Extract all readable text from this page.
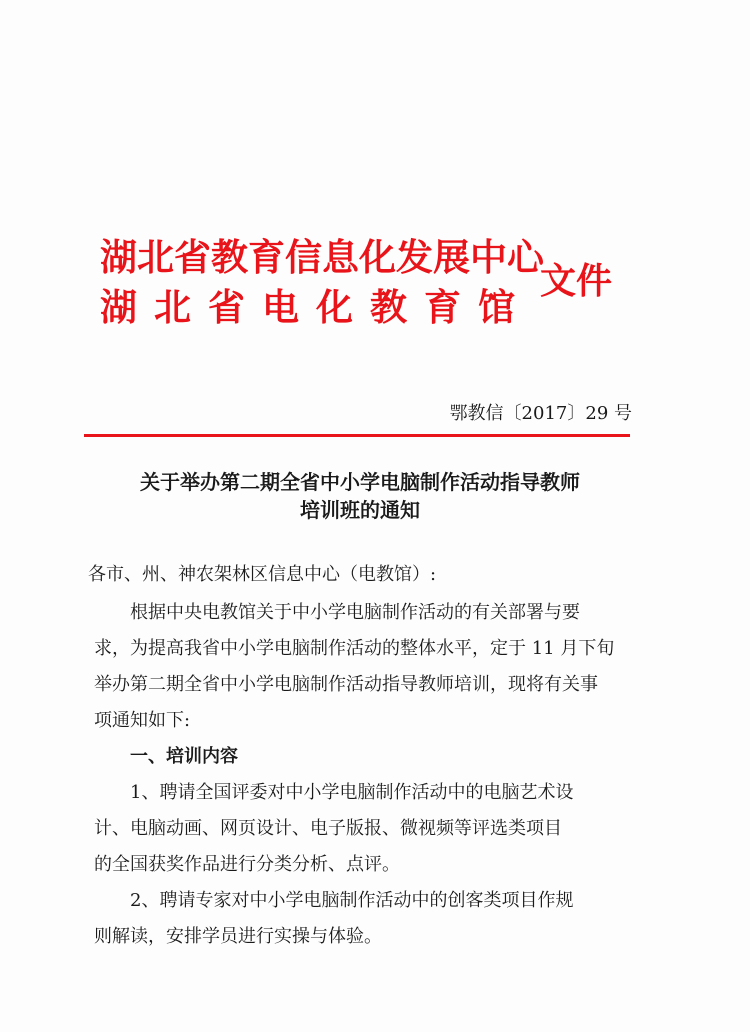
湖北省教育信息化发展中心
湖北省电化教育馆
文件
鄂教信〔2017〕29 号
关于举办第二期全省中小学电脑制作活动指导教师
培训班的通知
各市、州、神农架林区信息中心（电教馆）:
根据中央电教馆关于中小学电脑制作活动的有关部署与要
求，为提高我省中小学电脑制作活动的整体水平，定于 11 月下旬
举办第二期全省中小学电脑制作活动指导教师培训，现将有关事
项通知如下:
一、培训内容
1、聘请全国评委对中小学电脑制作活动中的电脑艺术设
计、电脑动画、网页设计、电子版报、微视频等评选类项目
的全国获奖作品进行分类分析、点评。
2、聘请专家对中小学电脑制作活动中的创客类项目作规
则解读，安排学员进行实操与体验。
